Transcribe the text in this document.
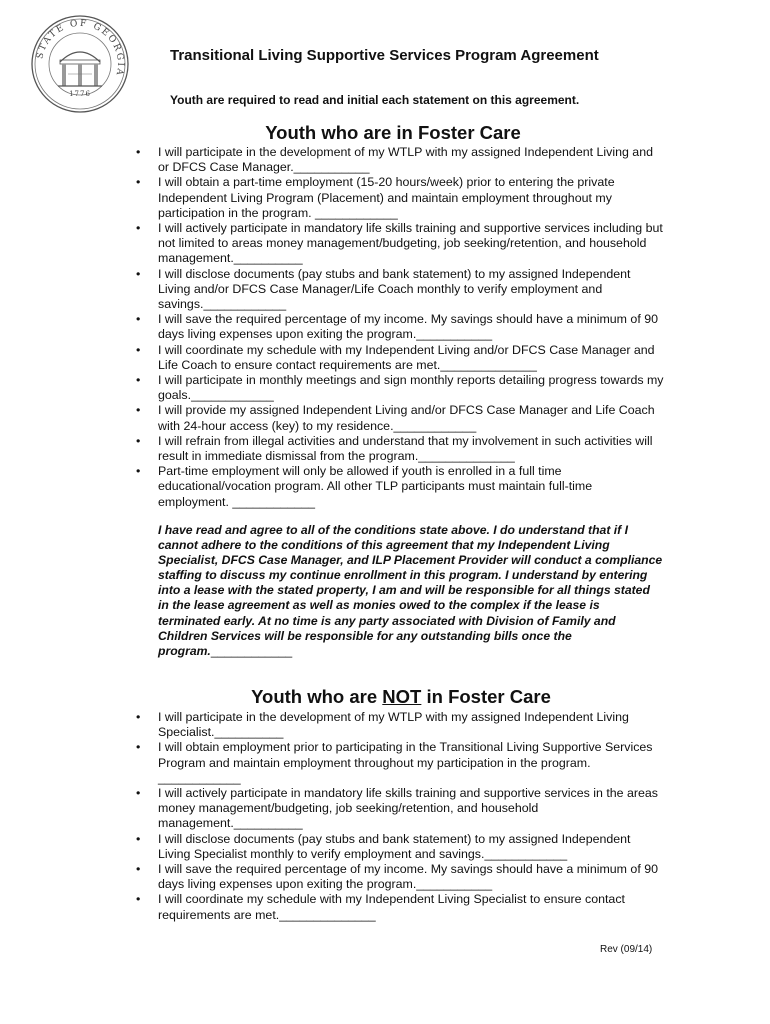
STATE OF GEORGIA
1776

Transitional Living Supportive Services Program Agreement

Youth are required to read and initial each statement on this agreement.

Youth who are in Foster Care
• I will participate in the development of my WTLP with my assigned Independent Living and or DFCS Case Manager.___________
• I will obtain a part-time employment (15-20 hours/week) prior to entering the private Independent Living Program (Placement) and maintain employment throughout my participation in the program. ____________
• I will actively participate in mandatory life skills training and supportive services including but not limited to areas money management/budgeting, job seeking/retention, and household management.__________
• I will disclose documents (pay stubs and bank statement) to my assigned Independent Living and/or DFCS Case Manager/Life Coach monthly to verify employment and savings.____________
• I will save the required percentage of my income. My savings should have a minimum of 90 days living expenses upon exiting the program.___________
• I will coordinate my schedule with my Independent Living and/or DFCS Case Manager and Life Coach to ensure contact requirements are met.______________
• I will participate in monthly meetings and sign monthly reports detailing progress towards my goals.____________
• I will provide my assigned Independent Living and/or DFCS Case Manager and Life Coach with 24-hour access (key) to my residence.____________
• I will refrain from illegal activities and understand that my involvement in such activities will result in immediate dismissal from the program.______________
• Part-time employment will only be allowed if youth is enrolled in a full time educational/vocation program. All other TLP participants must maintain full-time employment. ____________

I have read and agree to all of the conditions state above. I do understand that if I cannot adhere to the conditions of this agreement that my Independent Living Specialist, DFCS Case Manager, and ILP Placement Provider will conduct a compliance staffing to discuss my continue enrollment in this program. I understand by entering into a lease with the stated property, I am and will be responsible for all things stated in the lease agreement as well as monies owed to the complex if the lease is terminated early. At no time is any party associated with Division of Family and Children Services will be responsible for any outstanding bills once the program.____________

Youth who are NOT in Foster Care
• I will participate in the development of my WTLP with my assigned Independent Living Specialist.__________
• I will obtain employment prior to participating in the Transitional Living Supportive Services Program and maintain employment throughout my participation in the program. ____________
• I will actively participate in mandatory life skills training and supportive services in the areas money management/budgeting, job seeking/retention, and household management.__________
• I will disclose documents (pay stubs and bank statement) to my assigned Independent Living Specialist monthly to verify employment and savings.____________
• I will save the required percentage of my income. My savings should have a minimum of 90 days living expenses upon exiting the program.___________
• I will coordinate my schedule with my Independent Living Specialist to ensure contact requirements are met.______________

Rev (09/14)
